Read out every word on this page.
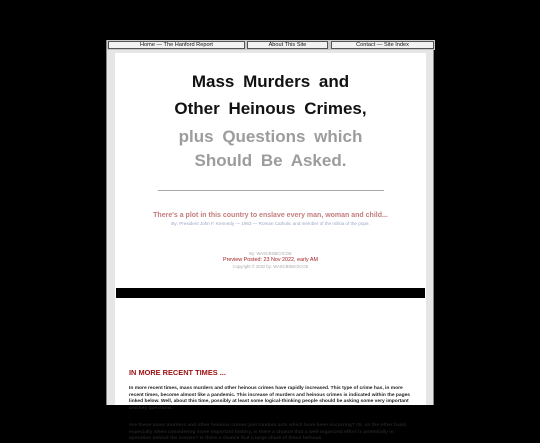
Home — The Hanford Report	About This Site	Contact — Site Index
Mass Murders and
Other Heinous Crimes,
plus Questions which
Should Be Asked.
There's a plot in this country to enslave every man, woman and child...
By: President John F. Kennedy — 1963 — Roman Catholic and member of the militia of the pope.
By: WASCBSBC/ICOE
Preview Posted: 23 Nov 2022, early AM
Copyright © 2022 by: WASCBSBC/ICOE
IN MORE RECENT TIMES ...
In more recent times, mass murders and other heinous crimes have rapidly increased. This type of crime has, in more recent times, become almost like a pandemic. This increase of murders and heinous crimes is indicated within the pages linked below. Well, about this time, possibly at least some logical-thinking people should be asking some very important and key questions.
Are these mass murders and other heinous crimes just random acts which have been occurring? Or, on the other hand, especially when considering some important history, is there a chance that a well-organized effort is potentially in operation behind the scenes? Is there a chance that a large share of these heinous
